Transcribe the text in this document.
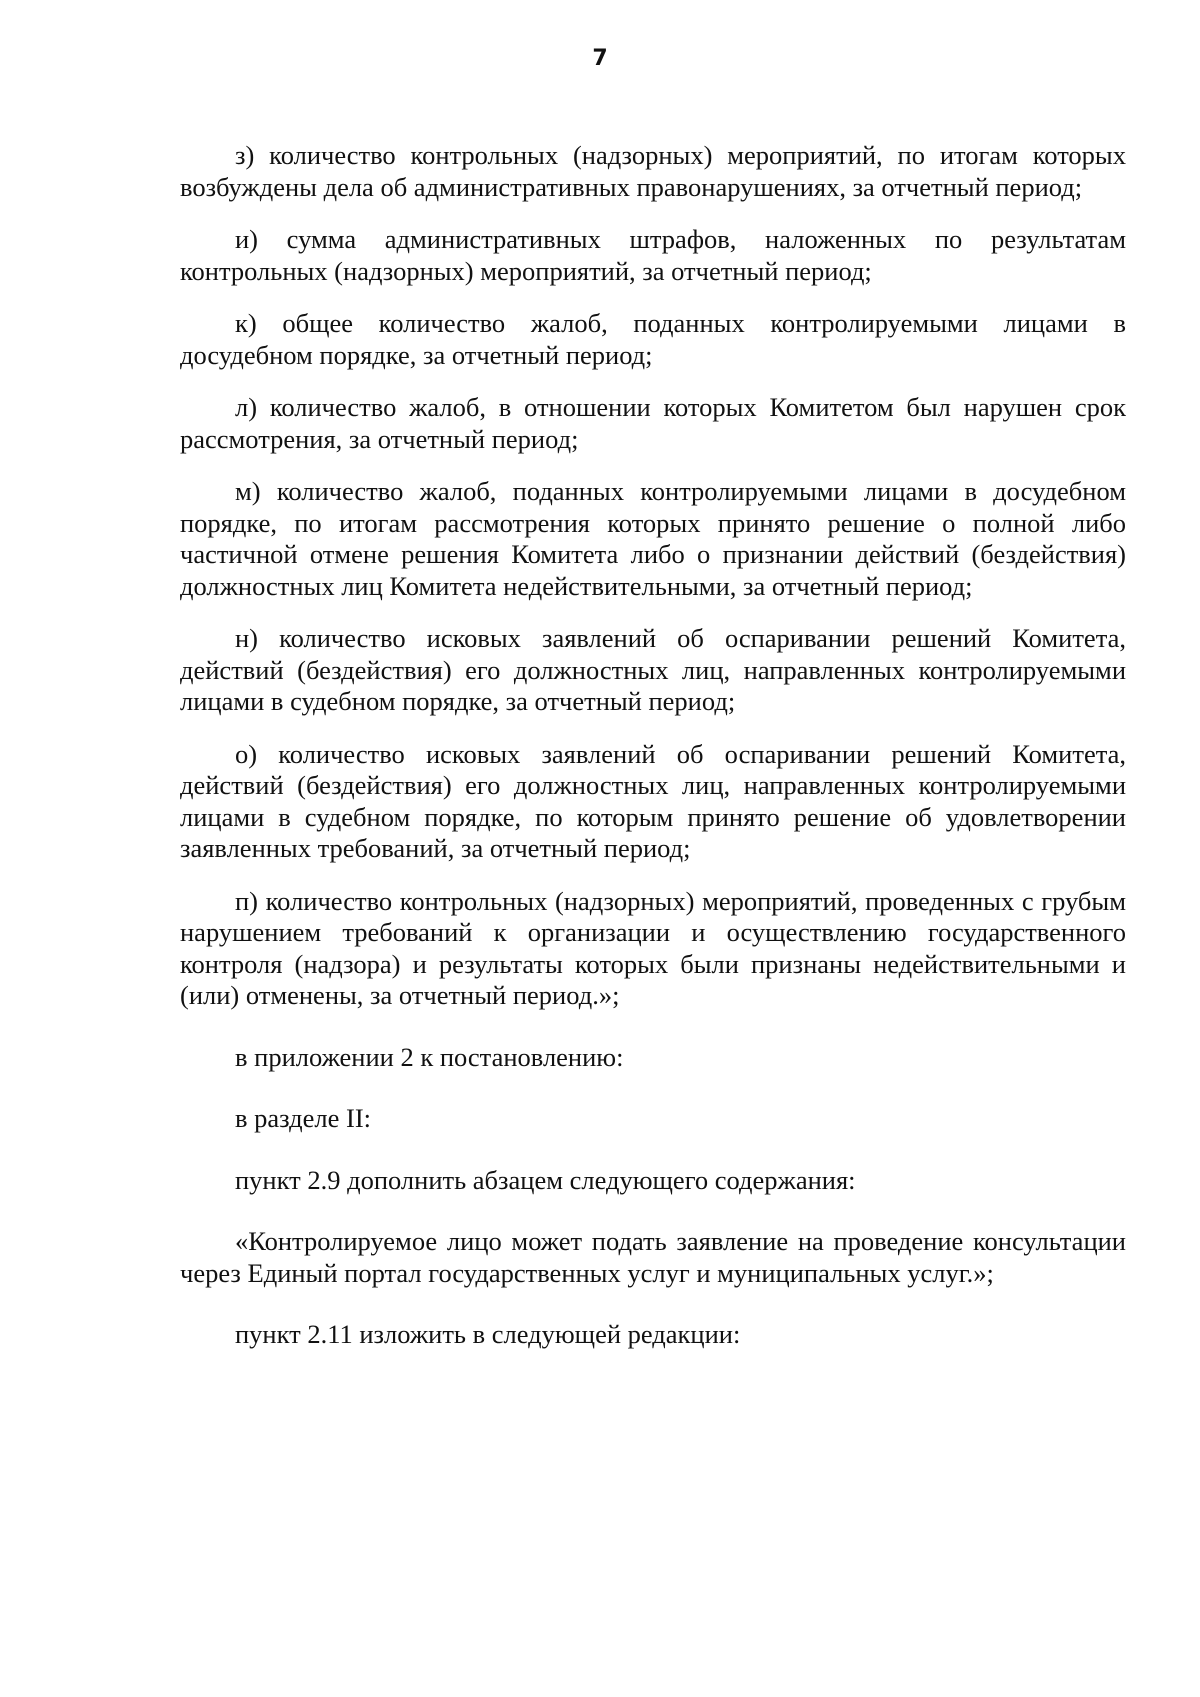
7

з) количество контрольных (надзорных) мероприятий, по итогам которых возбуждены дела об административных правонарушениях, за отчетный период;

и) сумма административных штрафов, наложенных по результатам контрольных (надзорных) мероприятий, за отчетный период;

к) общее количество жалоб, поданных контролируемыми лицами в досудебном порядке, за отчетный период;

л) количество жалоб, в отношении которых Комитетом был нарушен срок рассмотрения, за отчетный период;

м) количество жалоб, поданных контролируемыми лицами в досудебном порядке, по итогам рассмотрения которых принято решение о полной либо частичной отмене решения Комитета либо о признании действий (бездействия) должностных лиц Комитета недействительными, за отчетный период;

н) количество исковых заявлений об оспаривании решений Комитета, действий (бездействия) его должностных лиц, направленных контролируемыми лицами в судебном порядке, за отчетный период;

о) количество исковых заявлений об оспаривании решений Комитета, действий (бездействия) его должностных лиц, направленных контролируемыми лицами в судебном порядке, по которым принято решение об удовлетворении заявленных требований, за отчетный период;

п) количество контрольных (надзорных) мероприятий, проведенных с грубым нарушением требований к организации и осуществлению государственного контроля (надзора) и результаты которых были признаны недействительными и (или) отменены, за отчетный период.»;

в приложении 2 к постановлению:

в разделе II:

пункт 2.9 дополнить абзацем следующего содержания:

«Контролируемое лицо может подать заявление на проведение консультации через Единый портал государственных услуг и муниципальных услуг.»;

пункт 2.11 изложить в следующей редакции:
